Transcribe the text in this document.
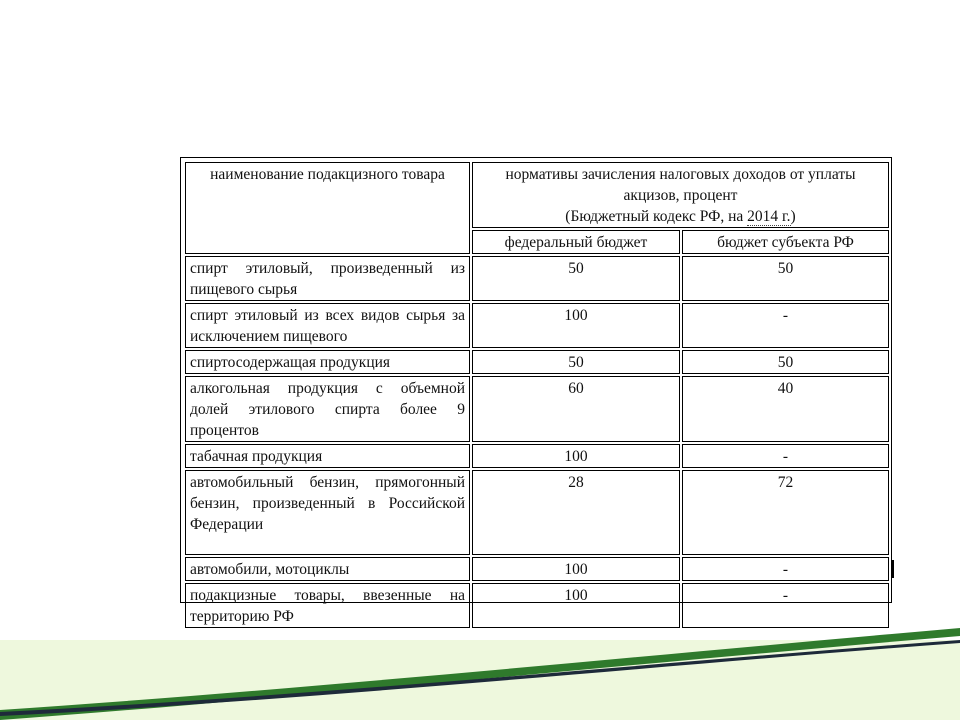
наименование подакцизного товара	нормативы зачисления налоговых доходов от уплаты акцизов, процент
(Бюджетный кодекс РФ, на 2014 г.)	
	федеральный бюджет	бюджет субъекта РФ
спирт этиловый, произведенный из пищевого сырья	50	50
спирт этиловый из всех видов сырья за исключением пищевого	100	-
спиртосодержащая продукция	50	50
алкогольная продукция с объемной долей этилового спирта более 9 процентов	60	40
табачная продукция	100	-
автомобильный бензин, прямогонный бензин, произведенный в Российской Федерации	28	72
автомобили, мотоциклы	100	-
подакцизные товары, ввезенные на территорию РФ	100	-
